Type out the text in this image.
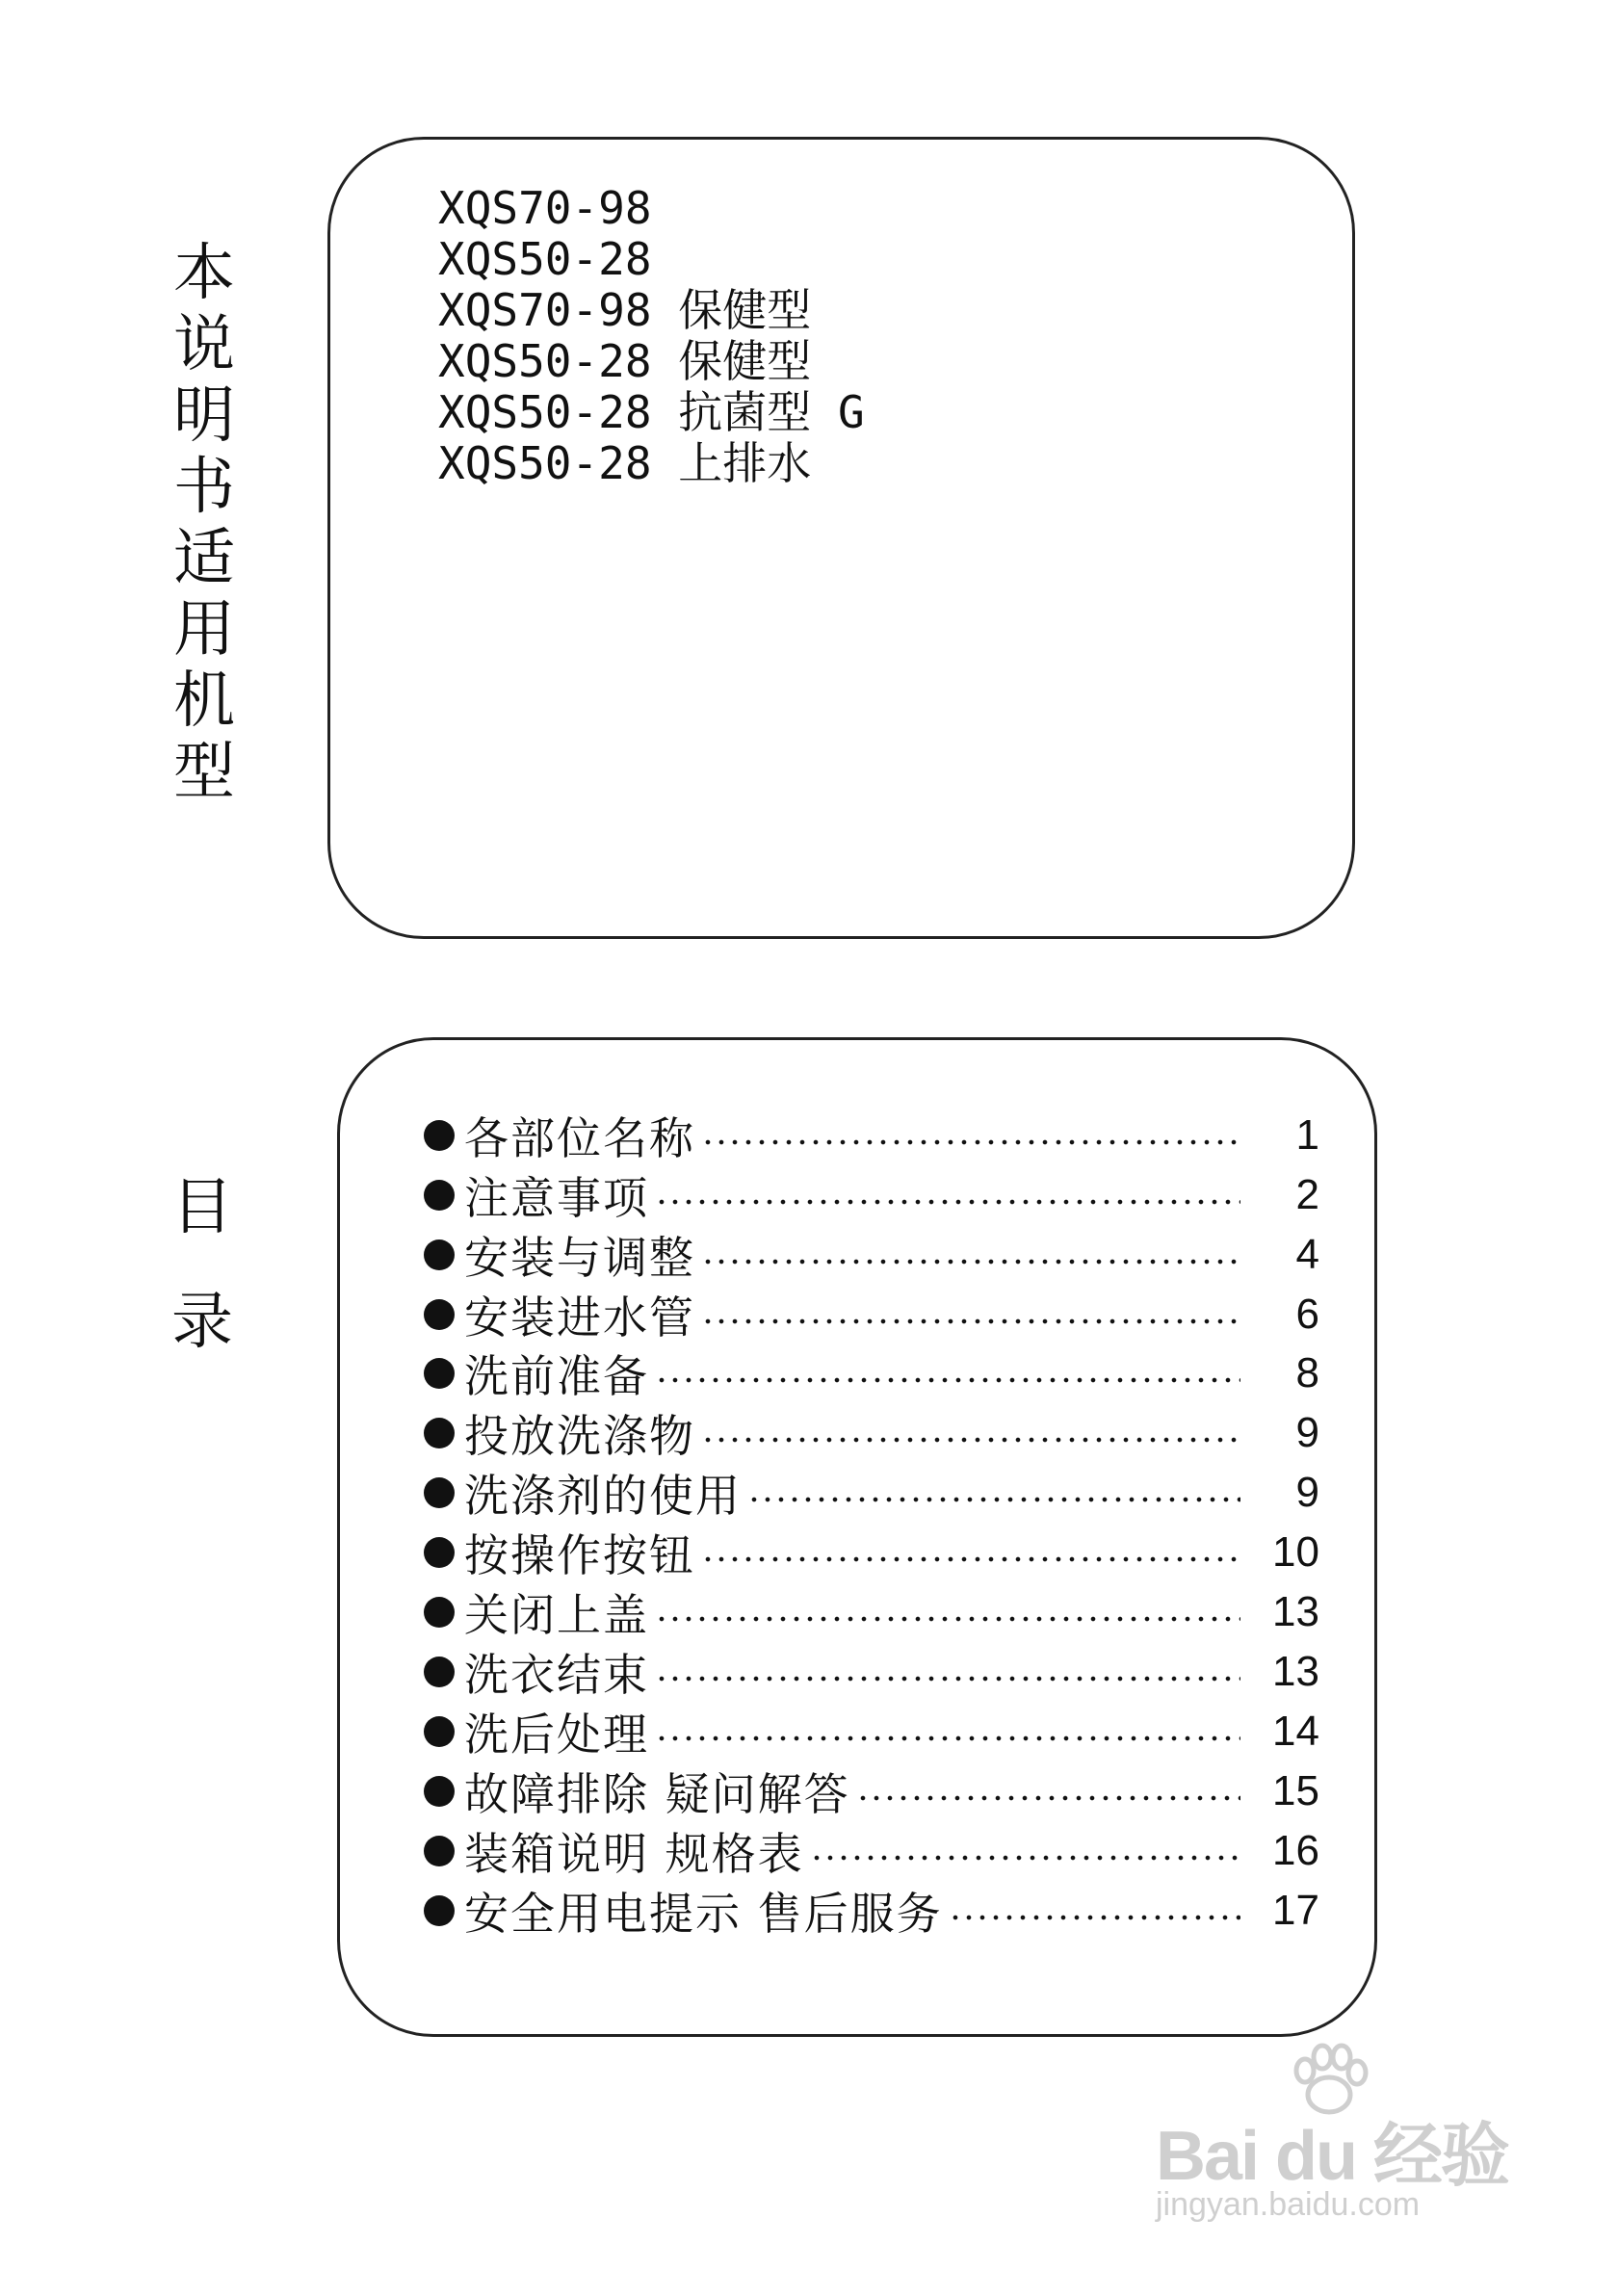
本
说
明
书
适
用
机
型
XQS70-98
XQS50-28
XQS70-98 保健型
XQS50-28 保健型
XQS50-28 抗菌型 G
XQS50-28 上排水
目
录
各部位名称	1
注意事项	2
安装与调整	4
安装进水管	6
洗前准备	8
投放洗涤物	9
洗涤剂的使用	9
按操作按钮	10
关闭上盖	13
洗衣结束	13
洗后处理	14
故障排除 疑问解答	15
装箱说明 规格表	16
安全用电提示 售后服务	17
Bai du 经验
jingyan.baidu.com
